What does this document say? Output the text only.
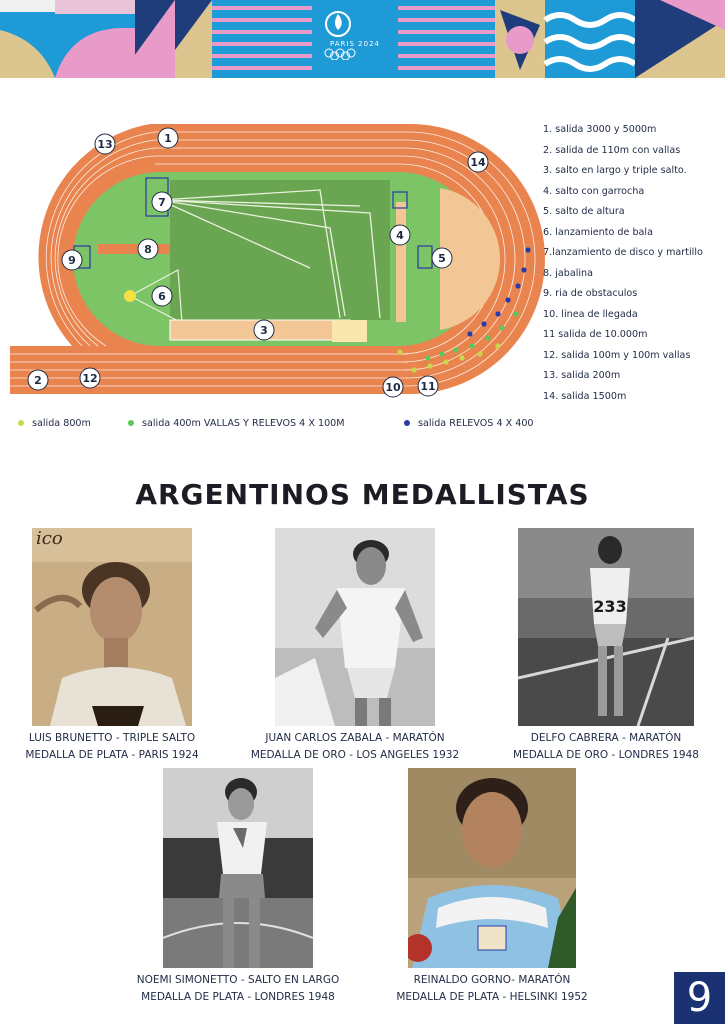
PARIS 2024
1
2
3
4
5
6
7
8
9
10 11
12
13
14
1. salida 3000 y 5000m
2. salida de 110m con vallas
3. salto en largo y triple salto.
4. salto con garrocha
5. salto de altura
6. lanzamiento de bala
7.lanzamiento de disco y martillo
8. jabalina
9. ria de obstaculos
10. linea de llegada
11 salida de 10.000m
12. salida 100m y 100m vallas
13. salida 200m
14. salida 1500m
salida 800m	salida 400m VALLAS Y RELEVOS 4 X 100M	salida RELEVOS 4 X 400
ARGENTINOS MEDALLISTAS
ico
LUIS BRUNETTO - TRIPLE SALTO
MEDALLA DE PLATA - PARIS 1924
JUAN CARLOS ZABALA - MARATÓN
MEDALLA DE ORO - LOS ANGELES 1932
233
DELFO CABRERA - MARATÓN
MEDALLA DE ORO - LONDRES 1948
NOEMI SIMONETTO - SALTO EN LARGO
MEDALLA DE PLATA - LONDRES 1948
REINALDO GORNO- MARATÓN
MEDALLA DE PLATA - HELSINKI 1952	9
